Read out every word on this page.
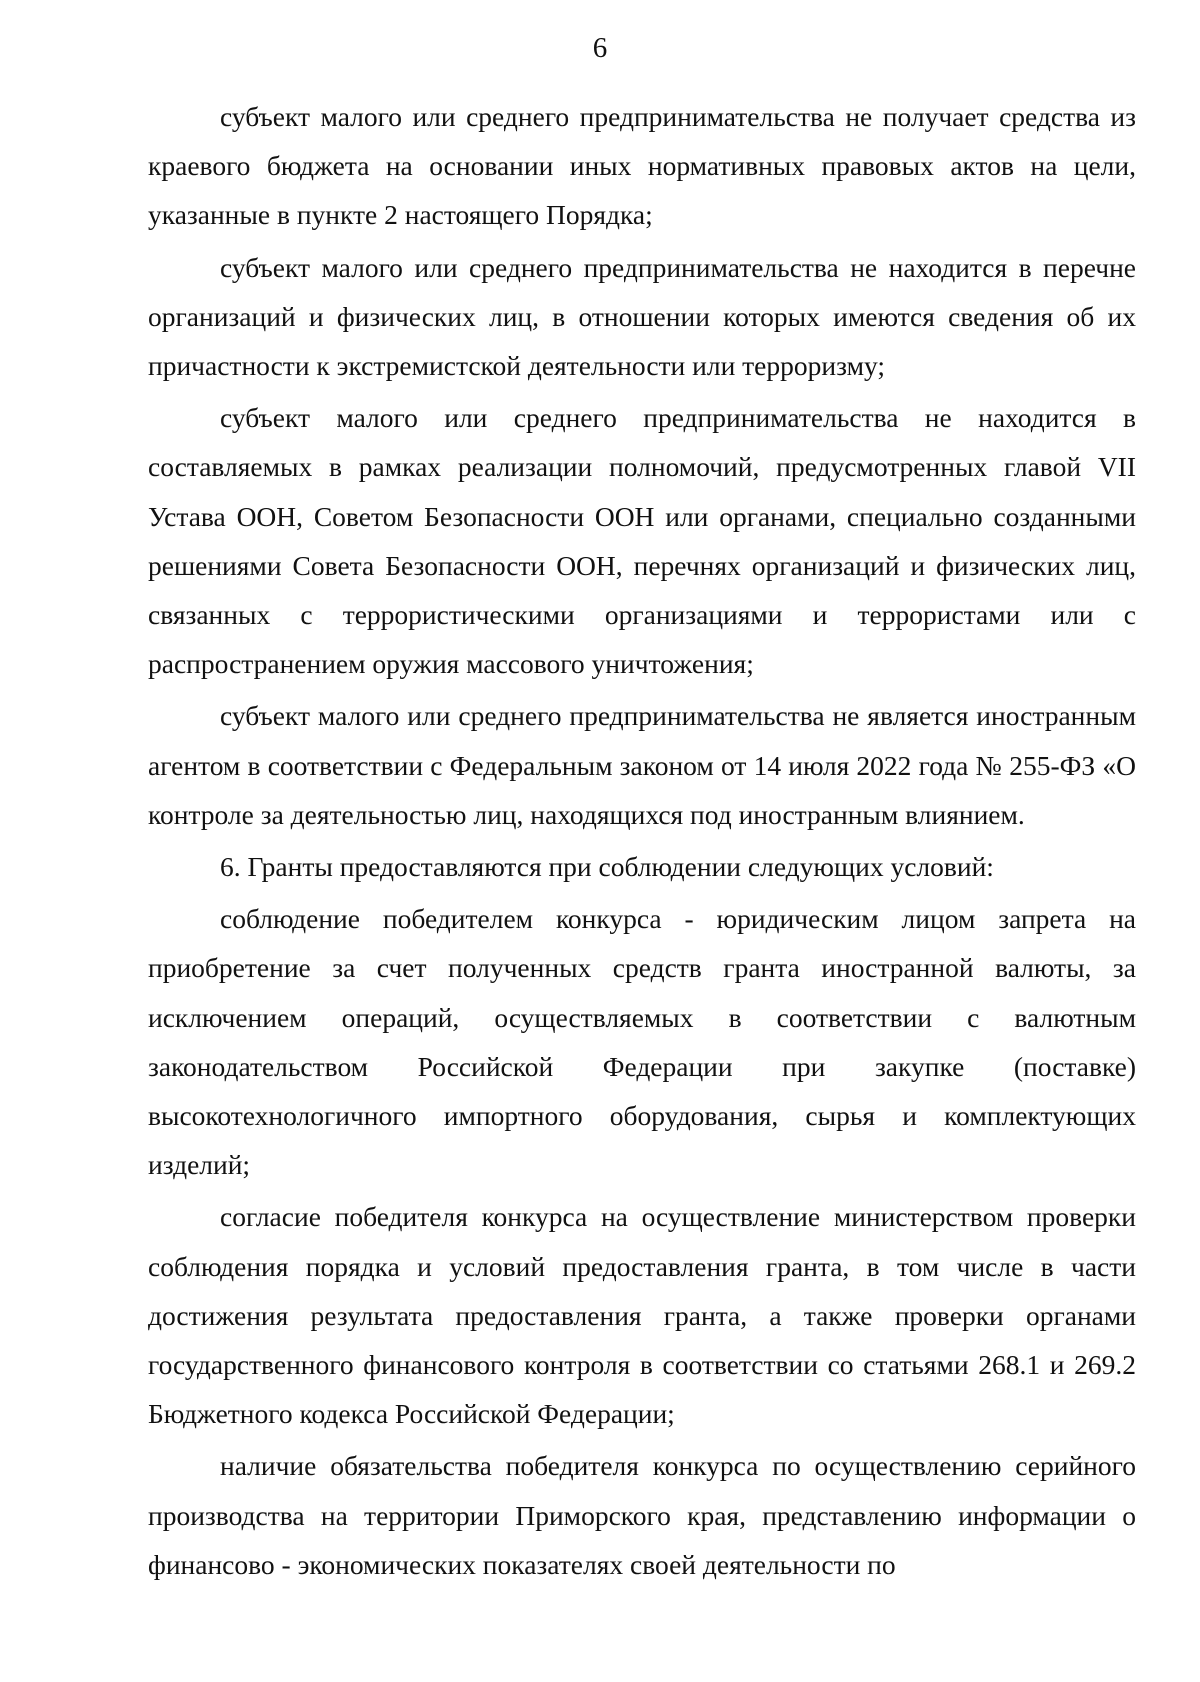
6

субъект малого или среднего предпринимательства не получает средства из краевого бюджета на основании иных нормативных правовых актов на цели, указанные в пункте 2 настоящего Порядка;

субъект малого или среднего предпринимательства не находится в перечне организаций и физических лиц, в отношении которых имеются сведения об их причастности к экстремистской деятельности или терроризму;

субъект малого или среднего предпринимательства не находится в составляемых в рамках реализации полномочий, предусмотренных главой VII Устава ООН, Советом Безопасности ООН или органами, специально созданными решениями Совета Безопасности ООН, перечнях организаций и физических лиц, связанных с террористическими организациями и террористами или с распространением оружия массового уничтожения;

субъект малого или среднего предпринимательства не является иностранным агентом в соответствии с Федеральным законом от 14 июля 2022 года № 255-ФЗ «О контроле за деятельностью лиц, находящихся под иностранным влиянием.

6. Гранты предоставляются при соблюдении следующих условий:

соблюдение победителем конкурса - юридическим лицом запрета на приобретение за счет полученных средств гранта иностранной валюты, за исключением операций, осуществляемых в соответствии с валютным законодательством Российской Федерации при закупке (поставке) высокотехнологичного импортного оборудования, сырья и комплектующих изделий;

согласие победителя конкурса на осуществление министерством проверки соблюдения порядка и условий предоставления гранта, в том числе в части достижения результата предоставления гранта, а также проверки органами государственного финансового контроля в соответствии со статьями 268.1 и 269.2 Бюджетного кодекса Российской Федерации;

наличие обязательства победителя конкурса по осуществлению серийного производства на территории Приморского края, представлению информации о финансово - экономических показателях своей деятельности по
